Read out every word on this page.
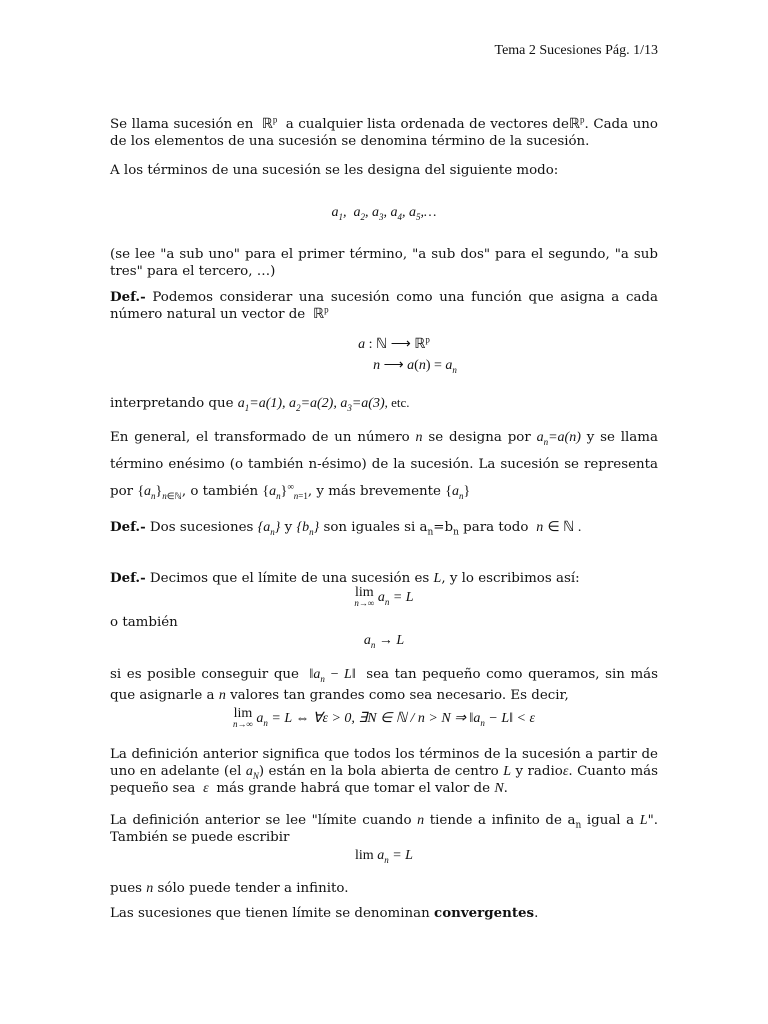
Tema 2 Sucesiones Pág. 1/13

Se llama sucesión en  ℝ$^p$ a cualquier lista ordenada de vectores deℝ$^p$. Cada uno de los elementos de una sucesión se denomina término de la sucesión.

A los términos de una sucesión se les designa del siguiente modo:

$a_1$,  $a_2$, $a_3$, $a_4$, $a_5,\dots$

(se lee "a sub uno" para el primer término, "a sub dos" para el segundo, "a sub tres" para el tercero, …)

Def.- Podemos considerar una sucesión como una función que asigna a cada número natural un vector de  ℝ$^p$

a : ℕ ⟶ ℝ$^p$
n ⟶ $a(n) = a_n$

interpretando que $a_1=a(1)$, $a_2=a(2)$, $a_3=a(3)$, etc.

En general, el transformado de un número n se designa por $a_n=a(n)$ y se llama término enésimo (o también n-ésimo) de la sucesión. La sucesión se representa por $\{a_n\}_{n\in ℕ}$, o también $\{a_n\}^\infty_{n=1}$, y más brevemente $\{a_n\}$

Def.- Dos sucesiones $\{a_n\}$ y $\{b_n\}$ son iguales si $a_n=b_n$ para todo  n ∈ ℕ .

Def.- Decimos que el límite de una sucesión es L, y lo escribimos así:

lim
n→∞ $a_n = L$

o también

$a_n \to L$

si es posible conseguir que  $‖a_n$ − L‖  sea tan pequeño como queramos, sin más que asignarle a n valores tan grandes como sea necesario. Es decir,

lim
n→∞ $a_n = L$ ⇔ ∀ε > 0, ∃N ∈ ℕ / n > N ⇒ $‖a_n$ − L‖ < ε

La definición anterior significa que todos los términos de la sucesión a partir de uno en adelante (el $a_N$) están en la bola abierta de centro L y radioε. Cuanto más pequeño sea  ε  más grande habrá que tomar el valor de N.

La definición anterior se lee "límite cuando n tiende a infinito de $a_n$ igual a L". También se puede escribir

$\lim a_n = L$

pues n sólo puede tender a infinito.

Las sucesiones que tienen límite se denominan convergentes.
